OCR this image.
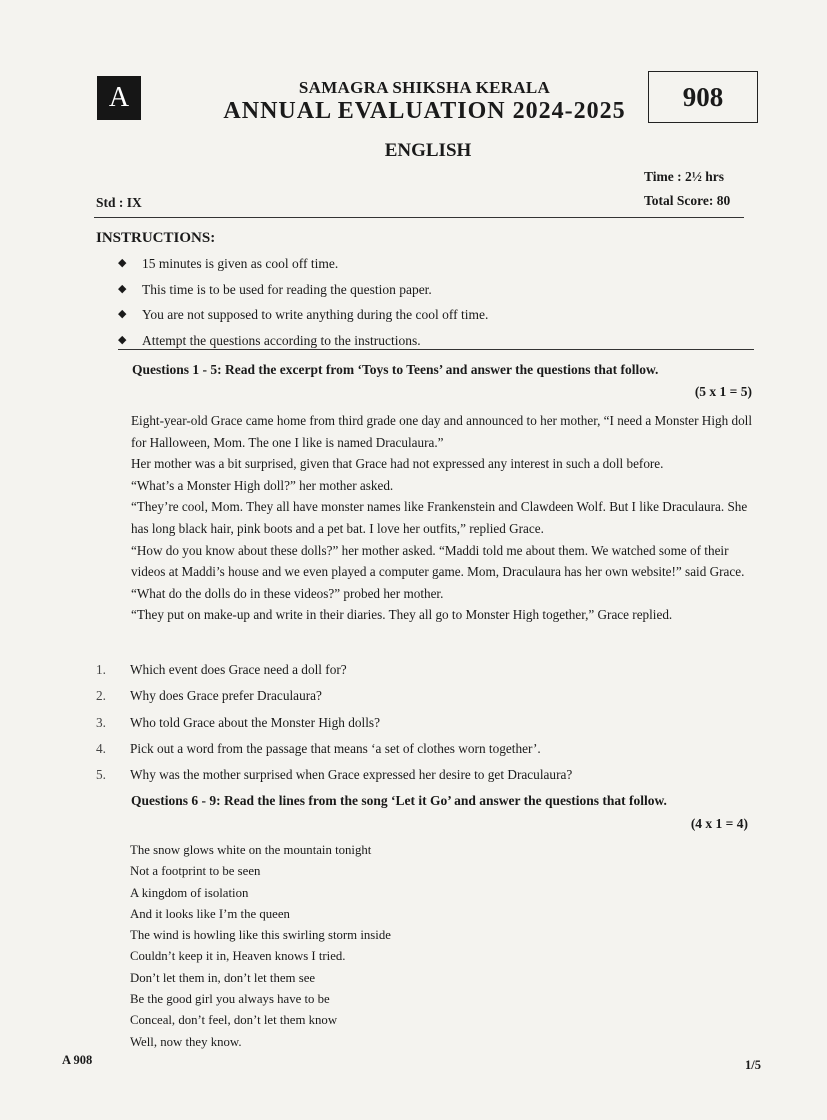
A	SAMAGRA SHIKSHA KERALA
ANNUAL EVALUATION 2024-2025	908
ENGLISH
Time : 2½ hrs
Std : IX	Total Score: 80
INSTRUCTIONS:
◆	15 minutes is given as cool off time.
◆	This time is to be used for reading the question paper.
◆	You are not supposed to write anything during the cool off time.
◆	Attempt the questions according to the instructions.
Questions 1 - 5: Read the excerpt from ‘Toys to Teens’ and answer the questions that follow.
(5 x 1 = 5)

Eight-year-old Grace came home from third grade one day and announced to her mother, “I need a Monster High doll for Halloween, Mom. The one I like is named Draculaura.”

Her mother was a bit surprised, given that Grace had not expressed any interest in such a doll before.

“What’s a Monster High doll?” her mother asked.

“They’re cool, Mom. They all have monster names like Frankenstein and Clawdeen Wolf. But I like Draculaura. She has long black hair, pink boots and a pet bat. I love her outfits,” replied Grace.

“How do you know about these dolls?” her mother asked. “Maddi told me about them. We watched some of their videos at Maddi’s house and we even played a computer game. Mom, Draculaura has her own website!” said Grace.

“What do the dolls do in these videos?” probed her mother.

“They put on make-up and write in their diaries. They all go to Monster High together,” Grace replied.

1.	Which event does Grace need a doll for?
2.	Why does Grace prefer Draculaura?
3.	Who told Grace about the Monster High dolls?
4.	Pick out a word from the passage that means ‘a set of clothes worn together’.
5.	Why was the mother surprised when Grace expressed her desire to get Draculaura?
Questions 6 - 9: Read the lines from the song ‘Let it Go’ and answer the questions that follow.
(4 x 1 = 4)
The snow glows white on the mountain tonight
Not a footprint to be seen
A kingdom of isolation
And it looks like I’m the queen
The wind is howling like this swirling storm inside
Couldn’t keep it in, Heaven knows I tried.
Don’t let them in, don’t let them see
Be the good girl you always have to be
Conceal, don’t feel, don’t let them know
Well, now they know.
A 908	1/5
